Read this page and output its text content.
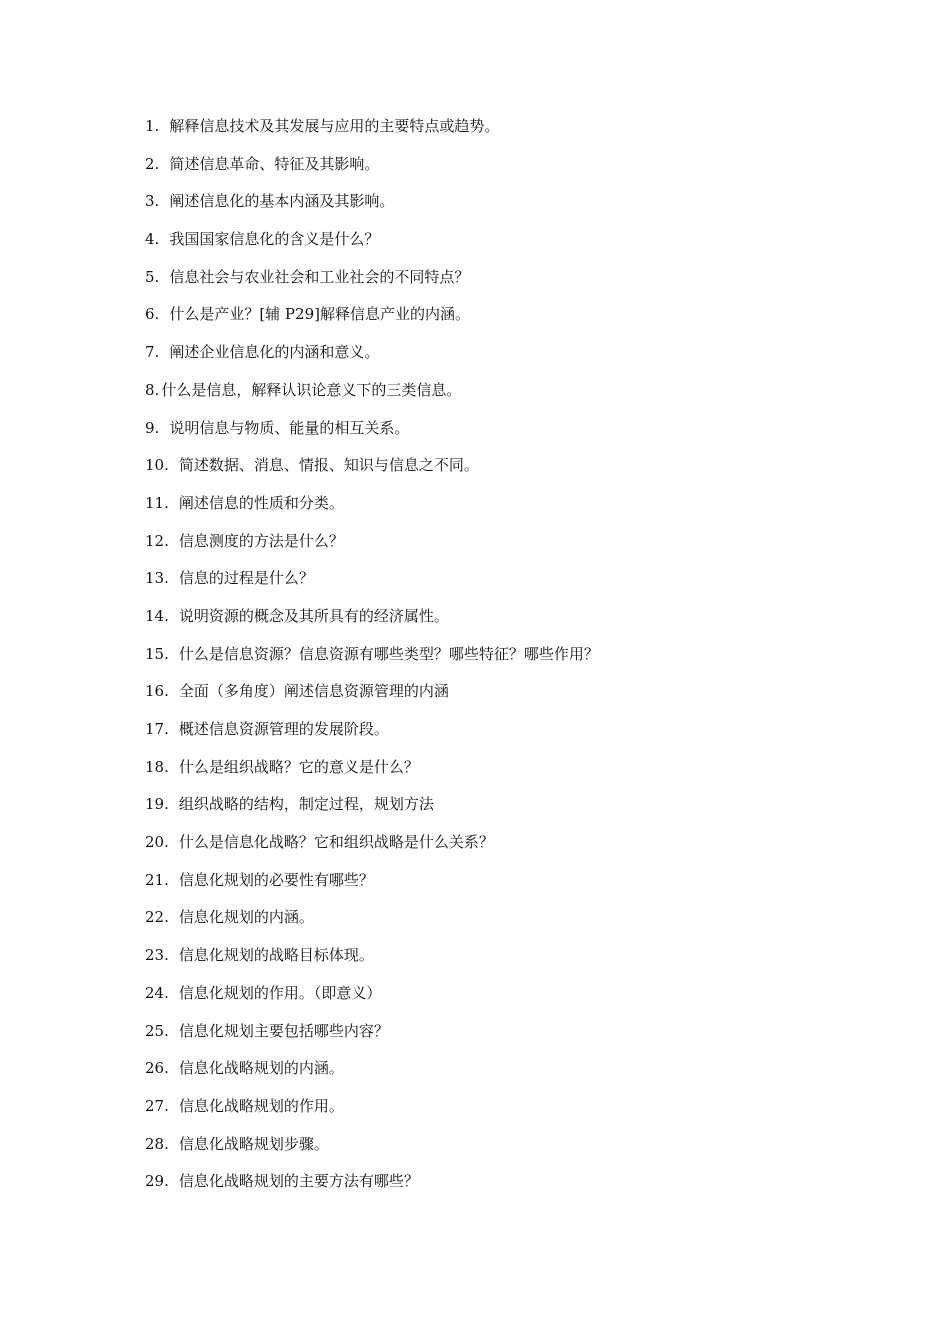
1. 解释信息技术及其发展与应用的主要特点或趋势。
2. 简述信息革命、特征及其影响。
3. 阐述信息化的基本内涵及其影响。
4. 我国国家信息化的含义是什么？
5. 信息社会与农业社会和工业社会的不同特点？
6. 什么是产业？[辅 P29]解释信息产业的内涵。
7. 阐述企业信息化的内涵和意义。
8. 什么是信息，解释认识论意义下的三类信息。
9. 说明信息与物质、能量的相互关系。
10. 简述数据、消息、情报、知识与信息之不同。
11. 阐述信息的性质和分类。
12. 信息测度的方法是什么？
13. 信息的过程是什么？
14. 说明资源的概念及其所具有的经济属性。
15. 什么是信息资源？信息资源有哪些类型？哪些特征？哪些作用？
16. 全面（多角度）阐述信息资源管理的内涵
17. 概述信息资源管理的发展阶段。
18. 什么是组织战略？它的意义是什么？
19. 组织战略的结构，制定过程，规划方法
20. 什么是信息化战略？它和组织战略是什么关系？
21. 信息化规划的必要性有哪些？
22. 信息化规划的内涵。
23. 信息化规划的战略目标体现。
24. 信息化规划的作用。（即意义）
25. 信息化规划主要包括哪些内容？
26. 信息化战略规划的内涵。
27. 信息化战略规划的作用。
28. 信息化战略规划步骤。
29. 信息化战略规划的主要方法有哪些？
